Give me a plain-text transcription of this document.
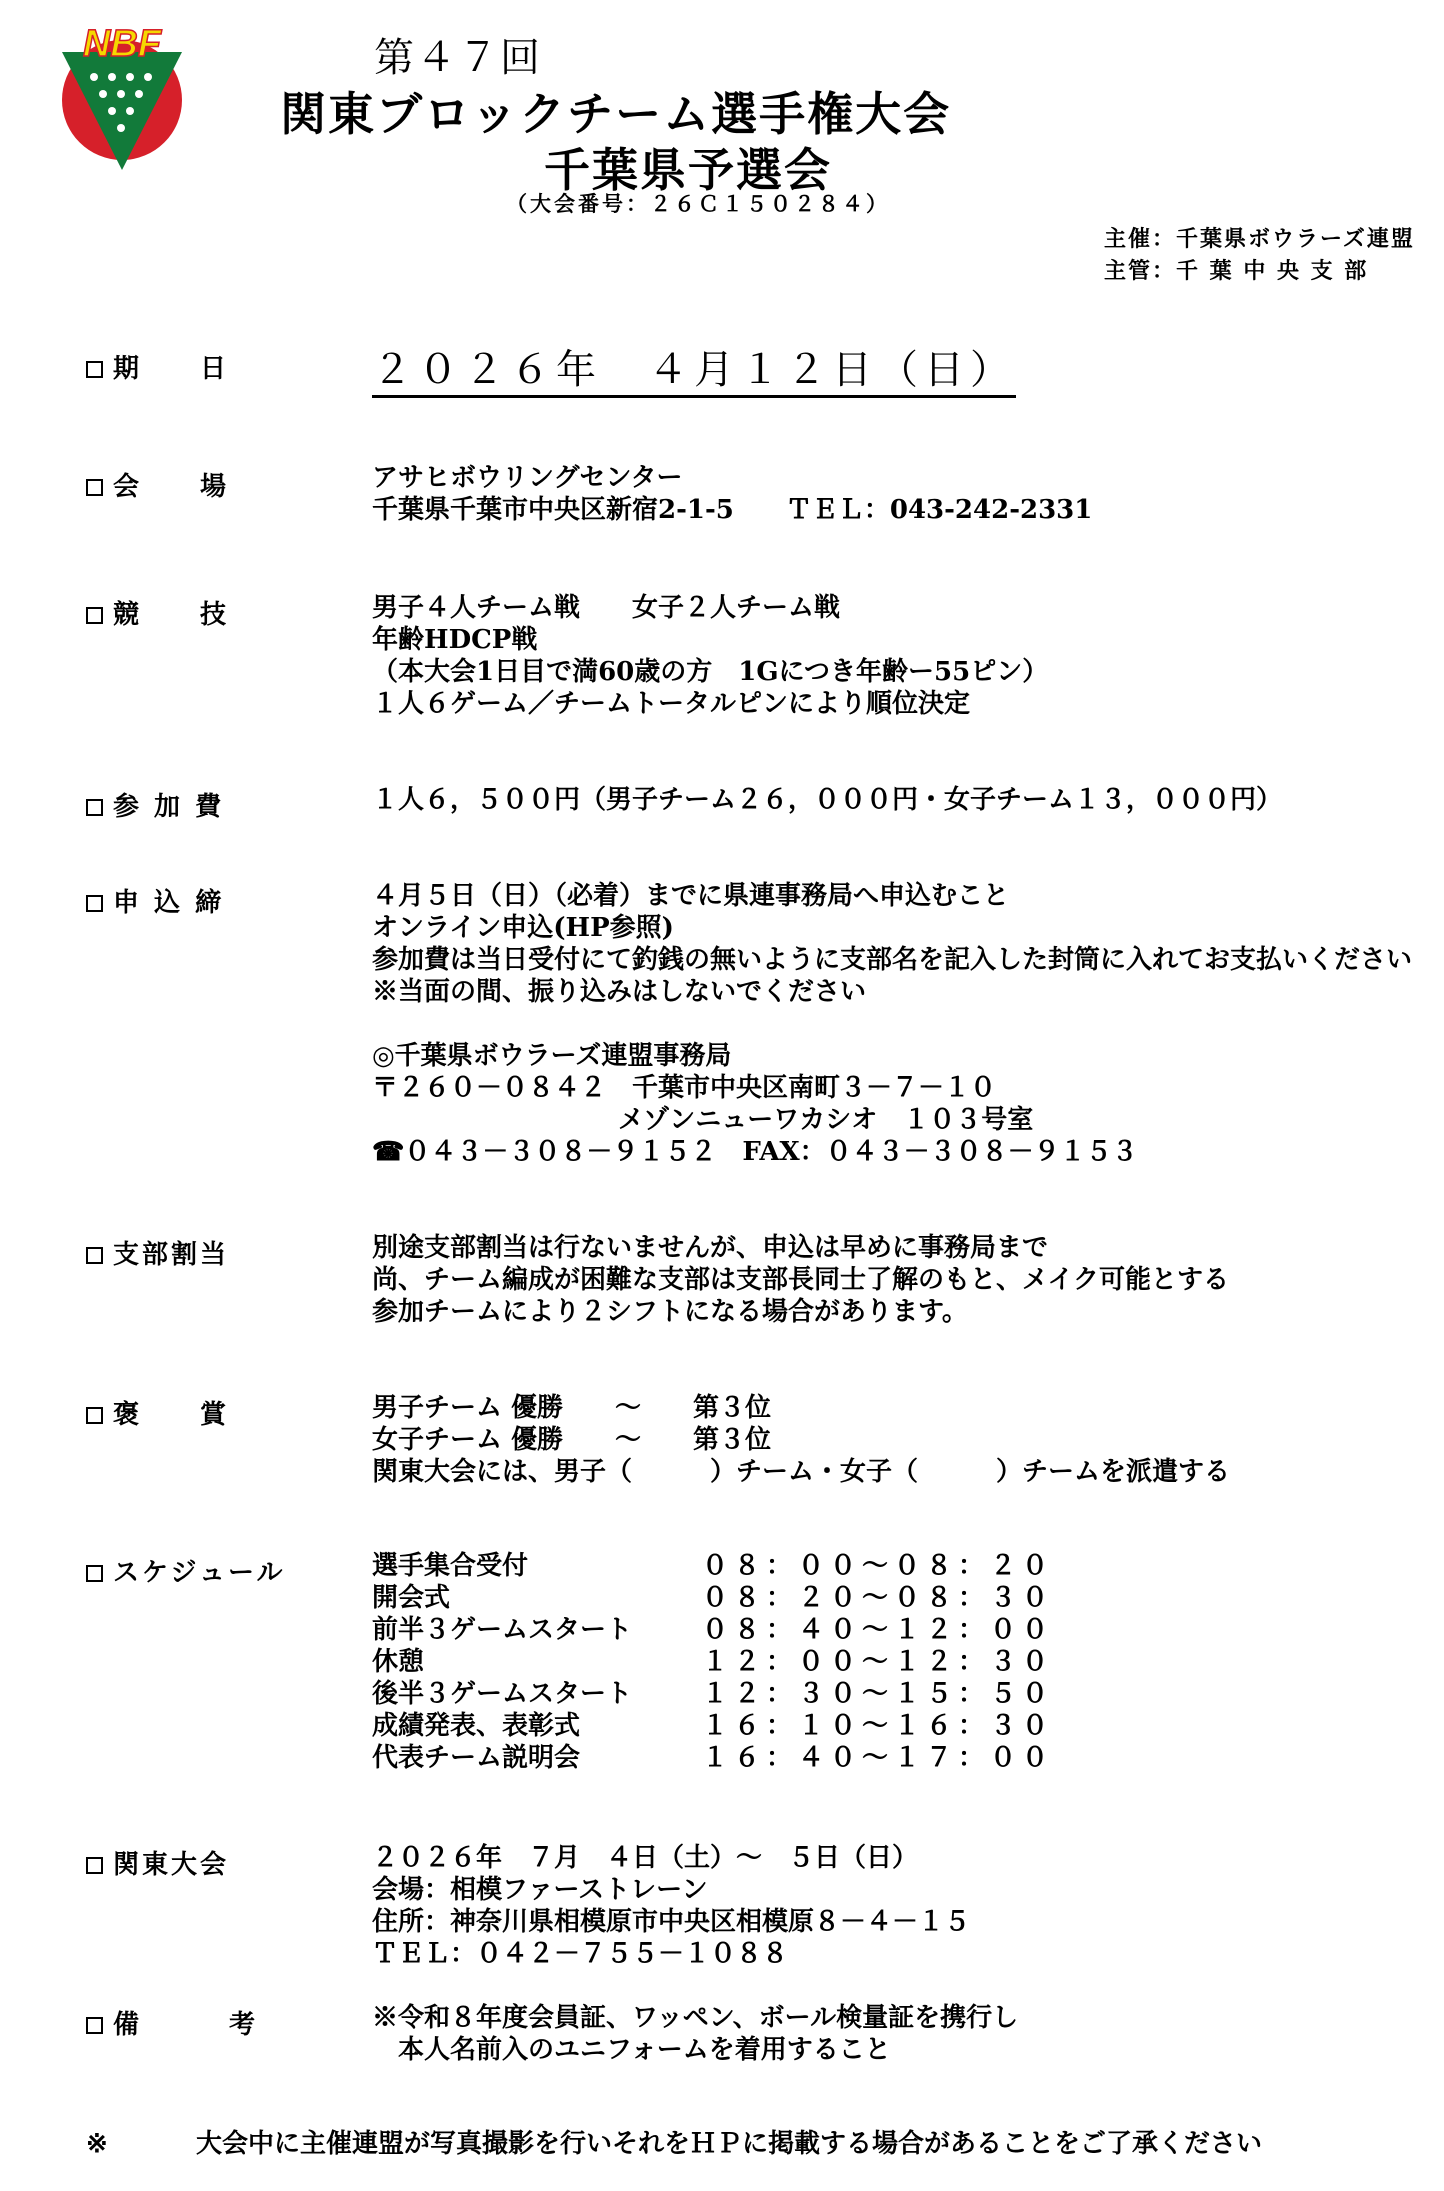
NBF	第４７回
関東ブロックチーム選手権大会
千葉県予選会
（大会番号：２６Ｃ１５０２８４）
主催：千葉県ボウラーズ連盟
主管：千 葉 中 央 支 部
期　　日	２０２６年　４月１２日（日）
会　　場	アサヒボウリングセンター
千葉県千葉市中央区新宿2-1-5　　ＴＥＬ：043-242-2331
競　　技	男子４人チーム戦　　女子２人チーム戦
年齢HDCP戦
（本大会1日目で満60歳の方　1Gにつき年齢ー55ピン）
１人６ゲーム／チームトータルピンにより順位決定
参 加 費	１人６，５００円（男子チーム２６，０００円・女子チーム１３，０００円）
申 込 締	４月５日（日）（必着）までに県連事務局へ申込むこと
オンライン申込(HP参照)
参加費は当日受付にて釣銭の無いように支部名を記入した封筒に入れてお支払いください
※当面の間、振り込みはしないでください
◎千葉県ボウラーズ連盟事務局
〒２６０－０８４２　千葉市中央区南町３－７－１０
メゾンニューワカシオ　１０３号室
☎０４３－３０８－９１５２　FAX：０４３－３０８－９１５３
支部割当	別途支部割当は行ないませんが、申込は早めに事務局まで
尚、チーム編成が困難な支部は支部長同士了解のもと、メイク可能とする
参加チームにより２シフトになる場合があります。
褒　　賞	男子チーム 優勝　　～　　第３位
女子チーム 優勝　　～　　第３位
関東大会には、男子（　　　）チーム・女子（　　　）チームを派遣する
スケジュール	選手集合受付	０８：００～０８：２０
開会式	０８：２０～０８：３０
前半３ゲームスタート	０８：４０～１２：００
休憩	１２：００～１２：３０
後半３ゲームスタート	１２：３０～１５：５０
成績発表、表彰式	１６：１０～１６：３０
代表チーム説明会	１６：４０～１７：００
関東大会	２０２６年　７月　４日（土）～　５日（日）
会場：相模ファーストレーン
住所：神奈川県相模原市中央区相模原８－４－１５
ＴＥＬ：０４２－７５５－１０８８
備　　　考	※令和８年度会員証、ワッペン、ボール検量証を携行し
　本人名前入のユニフォームを着用すること
※	大会中に主催連盟が写真撮影を行いそれをＨＰに掲載する場合があることをご了承ください
